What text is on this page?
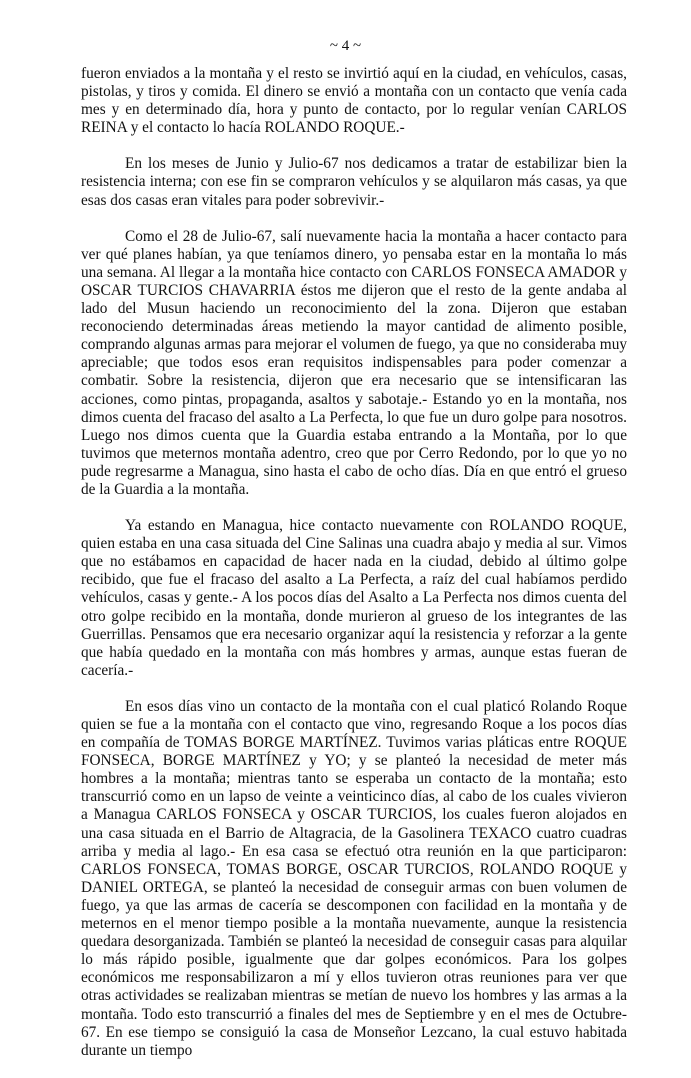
~ 4 ~

fueron enviados a la montaña y el resto se invirtió aquí en la ciudad, en vehículos, casas, pistolas, y tiros y comida. El dinero se envió a montaña con un contacto que venía cada mes y en determinado día, hora y punto de contacto, por lo regular venían CARLOS REINA y el contacto lo hacía ROLANDO ROQUE.-

En los meses de Junio y Julio-67 nos dedicamos a tratar de estabilizar bien la resistencia interna; con ese fin se compraron vehículos y se alquilaron más casas, ya que esas dos casas eran vitales para poder sobrevivir.-

Como el 28 de Julio-67, salí nuevamente hacia la montaña a hacer contacto para ver qué planes habían, ya que teníamos dinero, yo pensaba estar en la montaña lo más una semana. Al llegar a la montaña hice contacto con CARLOS FONSECA AMADOR y OSCAR TURCIOS CHAVARRIA éstos me dijeron que el resto de la gente andaba al lado del Musun haciendo un reconocimiento del la zona. Dijeron que estaban reconociendo determinadas áreas metiendo la mayor cantidad de alimento posible, comprando algunas armas para mejorar el volumen de fuego, ya que no consideraba muy apreciable; que todos esos eran requisitos indispensables para poder comenzar a combatir. Sobre la resistencia, dijeron que era necesario que se intensificaran las acciones, como pintas, propaganda, asaltos y sabotaje.- Estando yo en la montaña, nos dimos cuenta del fracaso del asalto a La Perfecta, lo que fue un duro golpe para nosotros. Luego nos dimos cuenta que la Guardia estaba entrando a la Montaña, por lo que tuvimos que meternos montaña adentro, creo que por Cerro Redondo, por lo que yo no pude regresarme a Managua, sino hasta el cabo de ocho días. Día en que entró el grueso de la Guardia a la montaña.

Ya estando en Managua, hice contacto nuevamente con ROLANDO ROQUE, quien estaba en una casa situada del Cine Salinas una cuadra abajo y media al sur. Vimos que no estábamos en capacidad de hacer nada en la ciudad, debido al último golpe recibido, que fue el fracaso del asalto a La Perfecta, a raíz del cual habíamos perdido vehículos, casas y gente.- A los pocos días del Asalto a La Perfecta nos dimos cuenta del otro golpe recibido en la montaña, donde murieron al grueso de los integrantes de las Guerrillas. Pensamos que era necesario organizar aquí la resistencia y reforzar a la gente que había quedado en la montaña con más hombres y armas, aunque estas fueran de cacería.-

En esos días vino un contacto de la montaña con el cual platicó Rolando Roque quien se fue a la montaña con el contacto que vino, regresando Roque a los pocos días en compañía de TOMAS BORGE MARTÍNEZ. Tuvimos varias pláticas entre ROQUE FONSECA, BORGE MARTÍNEZ y YO; y se planteó la necesidad de meter más hombres a la montaña; mientras tanto se esperaba un contacto de la montaña; esto transcurrió como en un lapso de veinte a veinticinco días, al cabo de los cuales vivieron a Managua CARLOS FONSECA y OSCAR TURCIOS, los cuales fueron alojados en una casa situada en el Barrio de Altagracia, de la Gasolinera TEXACO cuatro cuadras arriba y media al lago.- En esa casa se efectuó otra reunión en la que participaron: CARLOS FONSECA, TOMAS BORGE, OSCAR TURCIOS, ROLANDO ROQUE y DANIEL ORTEGA, se planteó la necesidad de conseguir armas con buen volumen de fuego, ya que las armas de cacería se descomponen con facilidad en la montaña y de meternos en el menor tiempo posible a la montaña nuevamente, aunque la resistencia quedara desorganizada. También se planteó la necesidad de conseguir casas para alquilar lo más rápido posible, igualmente que dar golpes económicos. Para los golpes económicos me responsabilizaron a mí y ellos tuvieron otras reuniones para ver que otras actividades se realizaban mientras se metían de nuevo los hombres y las armas a la montaña. Todo esto transcurrió a finales del mes de Septiembre y en el mes de Octubre-67. En ese tiempo se consiguió la casa de Monseñor Lezcano, la cual estuvo habitada durante un tiempo
